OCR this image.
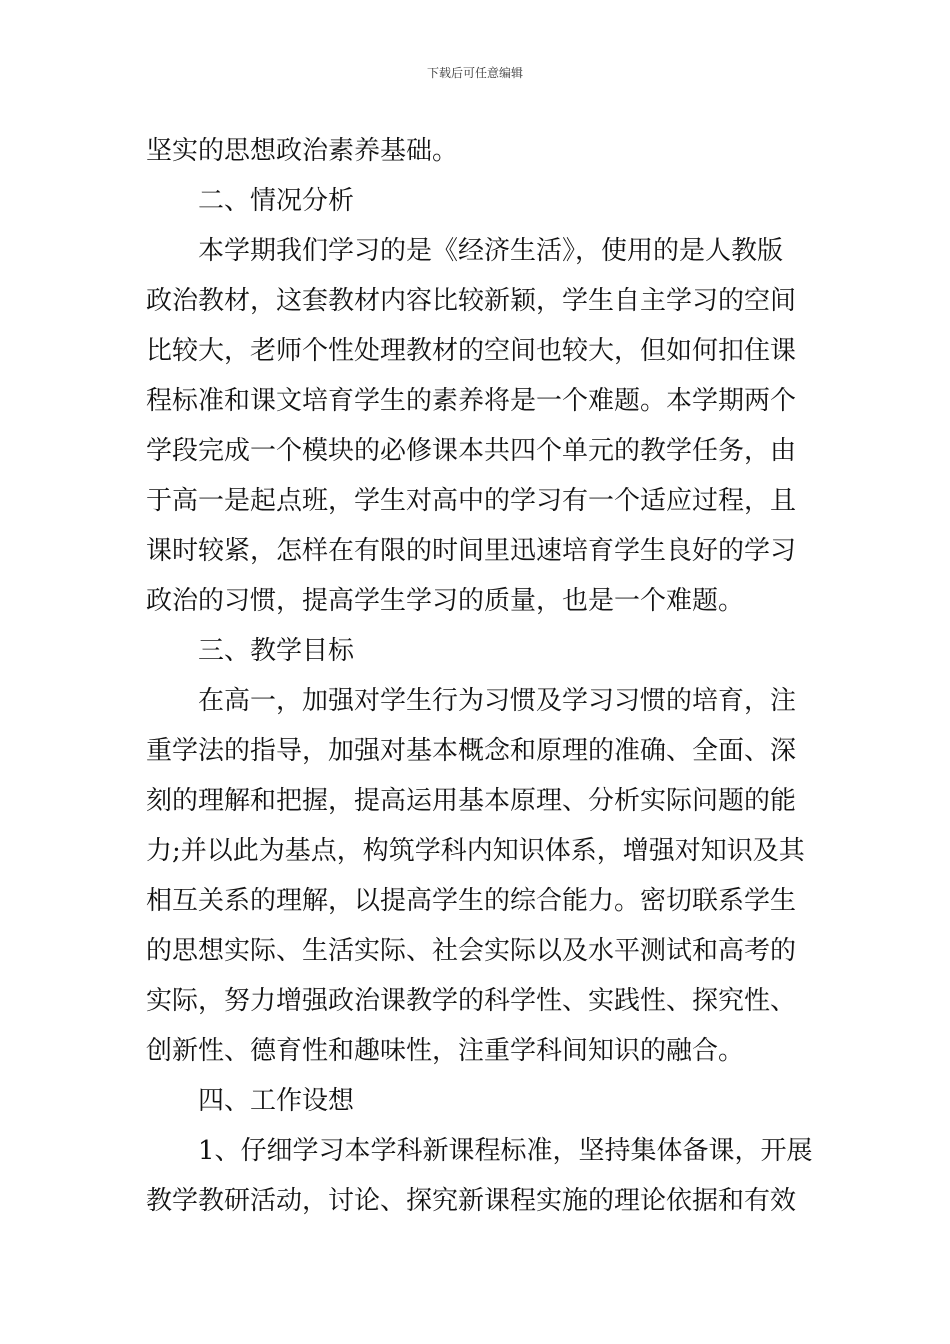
下载后可任意编辑
坚实的思想政治素养基础。
二、情况分析
本学期我们学习的是《经济生活》，使用的是人教版
政治教材，这套教材内容比较新颖，学生自主学习的空间
比较大，老师个性处理教材的空间也较大，但如何扣住课
程标准和课文培育学生的素养将是一个难题。本学期两个
学段完成一个模块的必修课本共四个单元的教学任务，由
于高一是起点班，学生对高中的学习有一个适应过程，且
课时较紧，怎样在有限的时间里迅速培育学生良好的学习
政治的习惯，提高学生学习的质量，也是一个难题。
三、教学目标
在高一，加强对学生行为习惯及学习习惯的培育，注
重学法的指导，加强对基本概念和原理的准确、全面、深
刻的理解和把握，提高运用基本原理、分析实际问题的能
力;并以此为基点，构筑学科内知识体系，增强对知识及其
相互关系的理解，以提高学生的综合能力。密切联系学生
的思想实际、生活实际、社会实际以及水平测试和高考的
实际，努力增强政治课教学的科学性、实践性、探究性、
创新性、德育性和趣味性，注重学科间知识的融合。
四、工作设想
1、仔细学习本学科新课程标准，坚持集体备课，开展
教学教研活动，讨论、探究新课程实施的理论依据和有效
